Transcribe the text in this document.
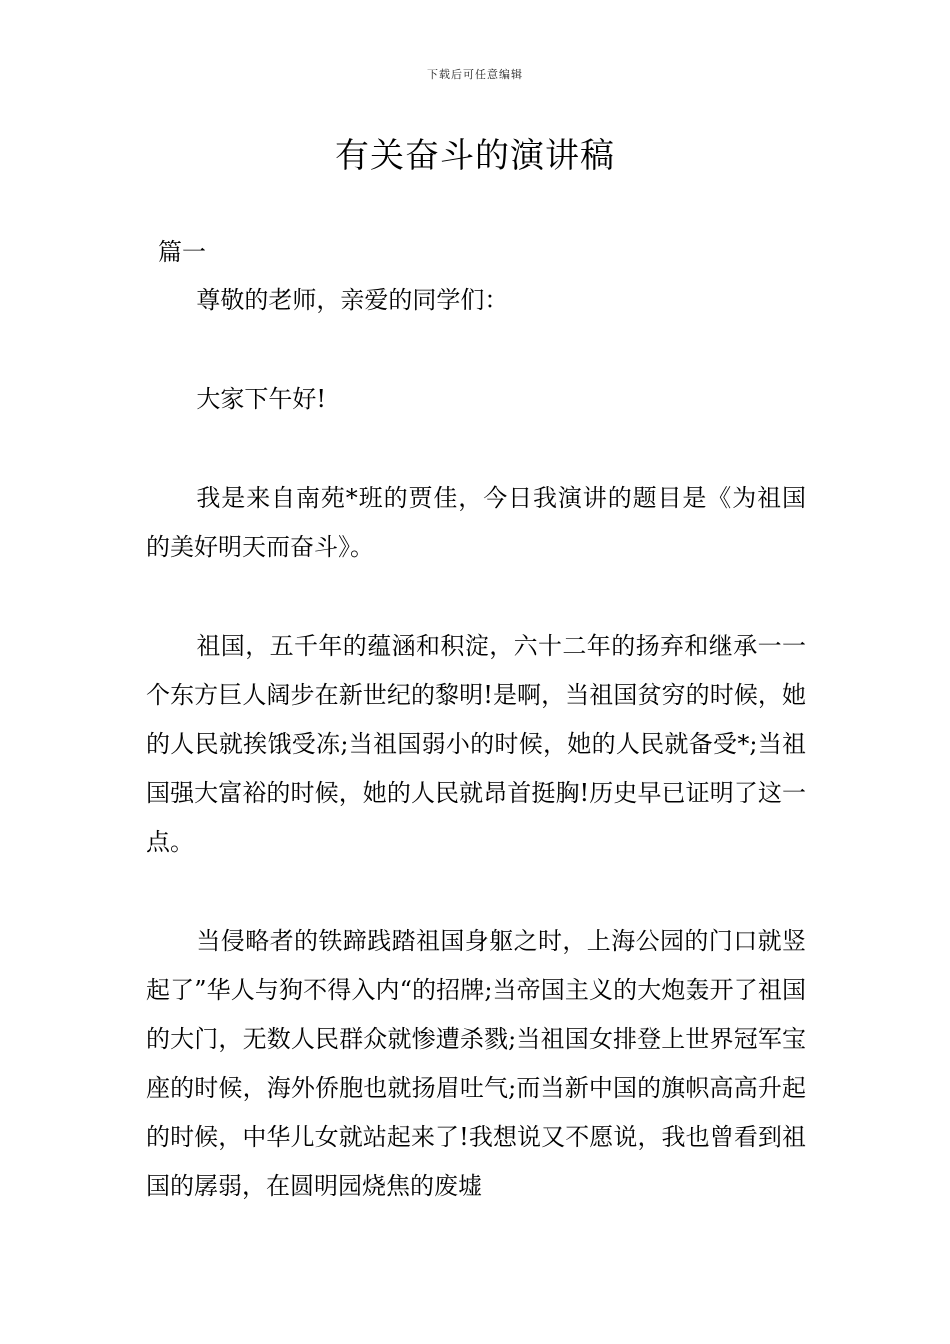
下载后可任意编辑
有关奋斗的演讲稿
篇一

尊敬的老师，亲爱的同学们：

大家下午好!

我是来自南苑*班的贾佳，今日我演讲的题目是《为祖国的美好明天而奋斗》。

祖国，五千年的蕴涵和积淀，六十二年的扬弃和继承一一个东方巨人阔步在新世纪的黎明!是啊，当祖国贫穷的时候，她的人民就挨饿受冻;当祖国弱小的时候，她的人民就备受*;当祖国强大富裕的时候，她的人民就昂首挺胸!历史早已证明了这一点。

当侵略者的铁蹄践踏祖国身躯之时，上海公园的门口就竖起了”华人与狗不得入内“的招牌;当帝国主义的大炮轰开了祖国的大门，无数人民群众就惨遭杀戮;当祖国女排登上世界冠军宝座的时候，海外侨胞也就扬眉吐气;而当新中国的旗帜高高升起的时候，中华儿女就站起来了!我想说又不愿说，我也曾看到祖国的孱弱，在圆明园烧焦的废墟
